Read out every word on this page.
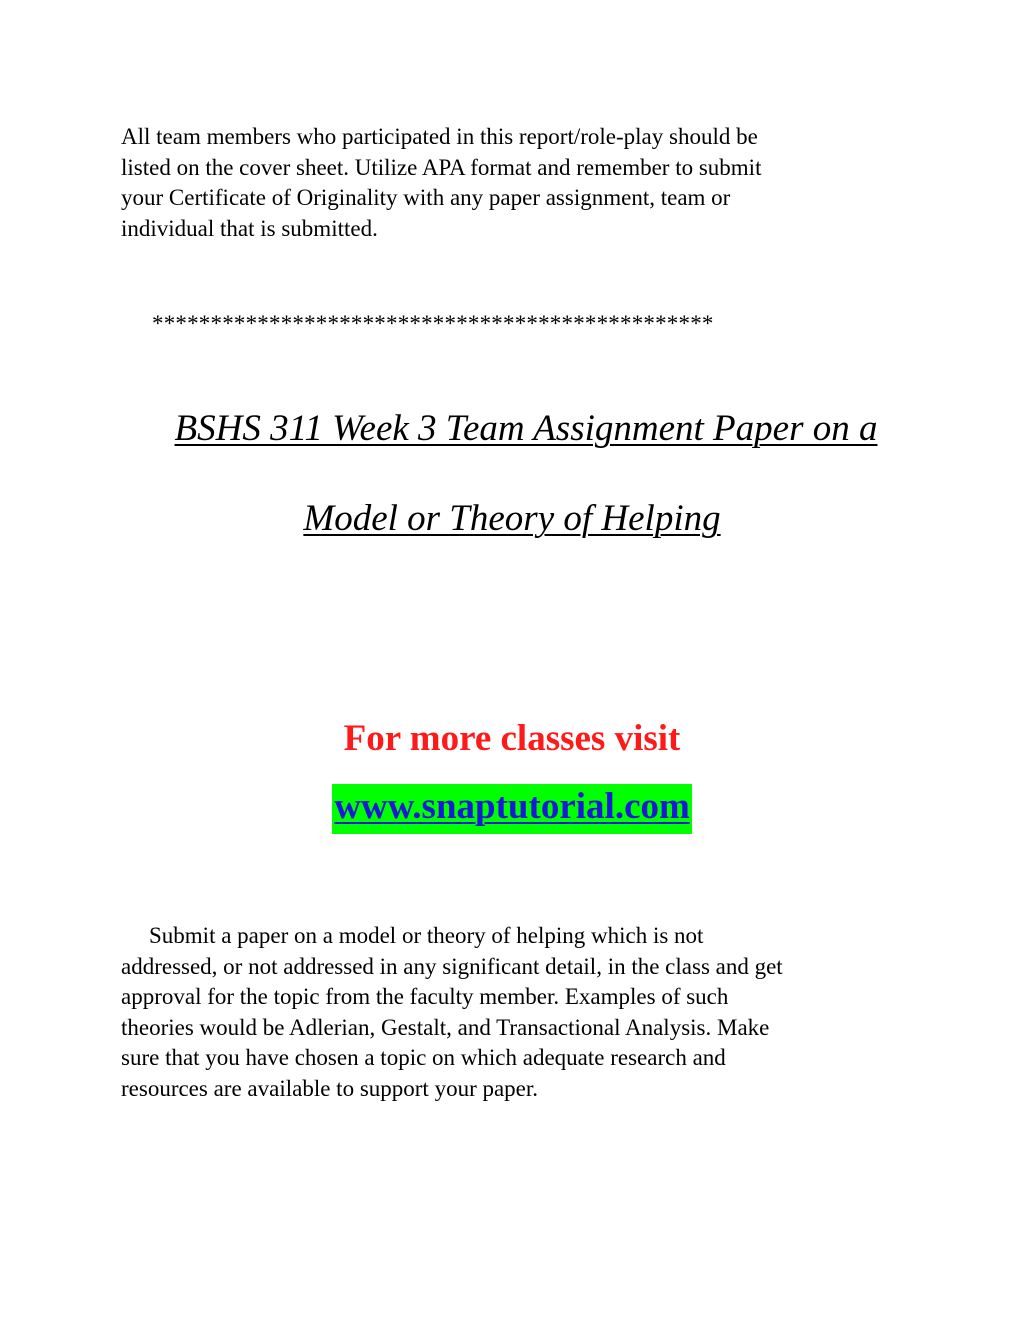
All team members who participated in this report/role-play should be
listed on the cover sheet. Utilize APA format and remember to submit
your Certificate of Originality with any paper assignment, team or
individual that is submitted.
************************************************
BSHS 311 Week 3 Team Assignment Paper on a
Model or Theory of Helping
For more classes visit
www.snaptutorial.com
Submit a paper on a model or theory of helping which is not
addressed, or not addressed in any significant detail, in the class and get
approval for the topic from the faculty member. Examples of such
theories would be Adlerian, Gestalt, and Transactional Analysis. Make
sure that you have chosen a topic on which adequate research and
resources are available to support your paper.
